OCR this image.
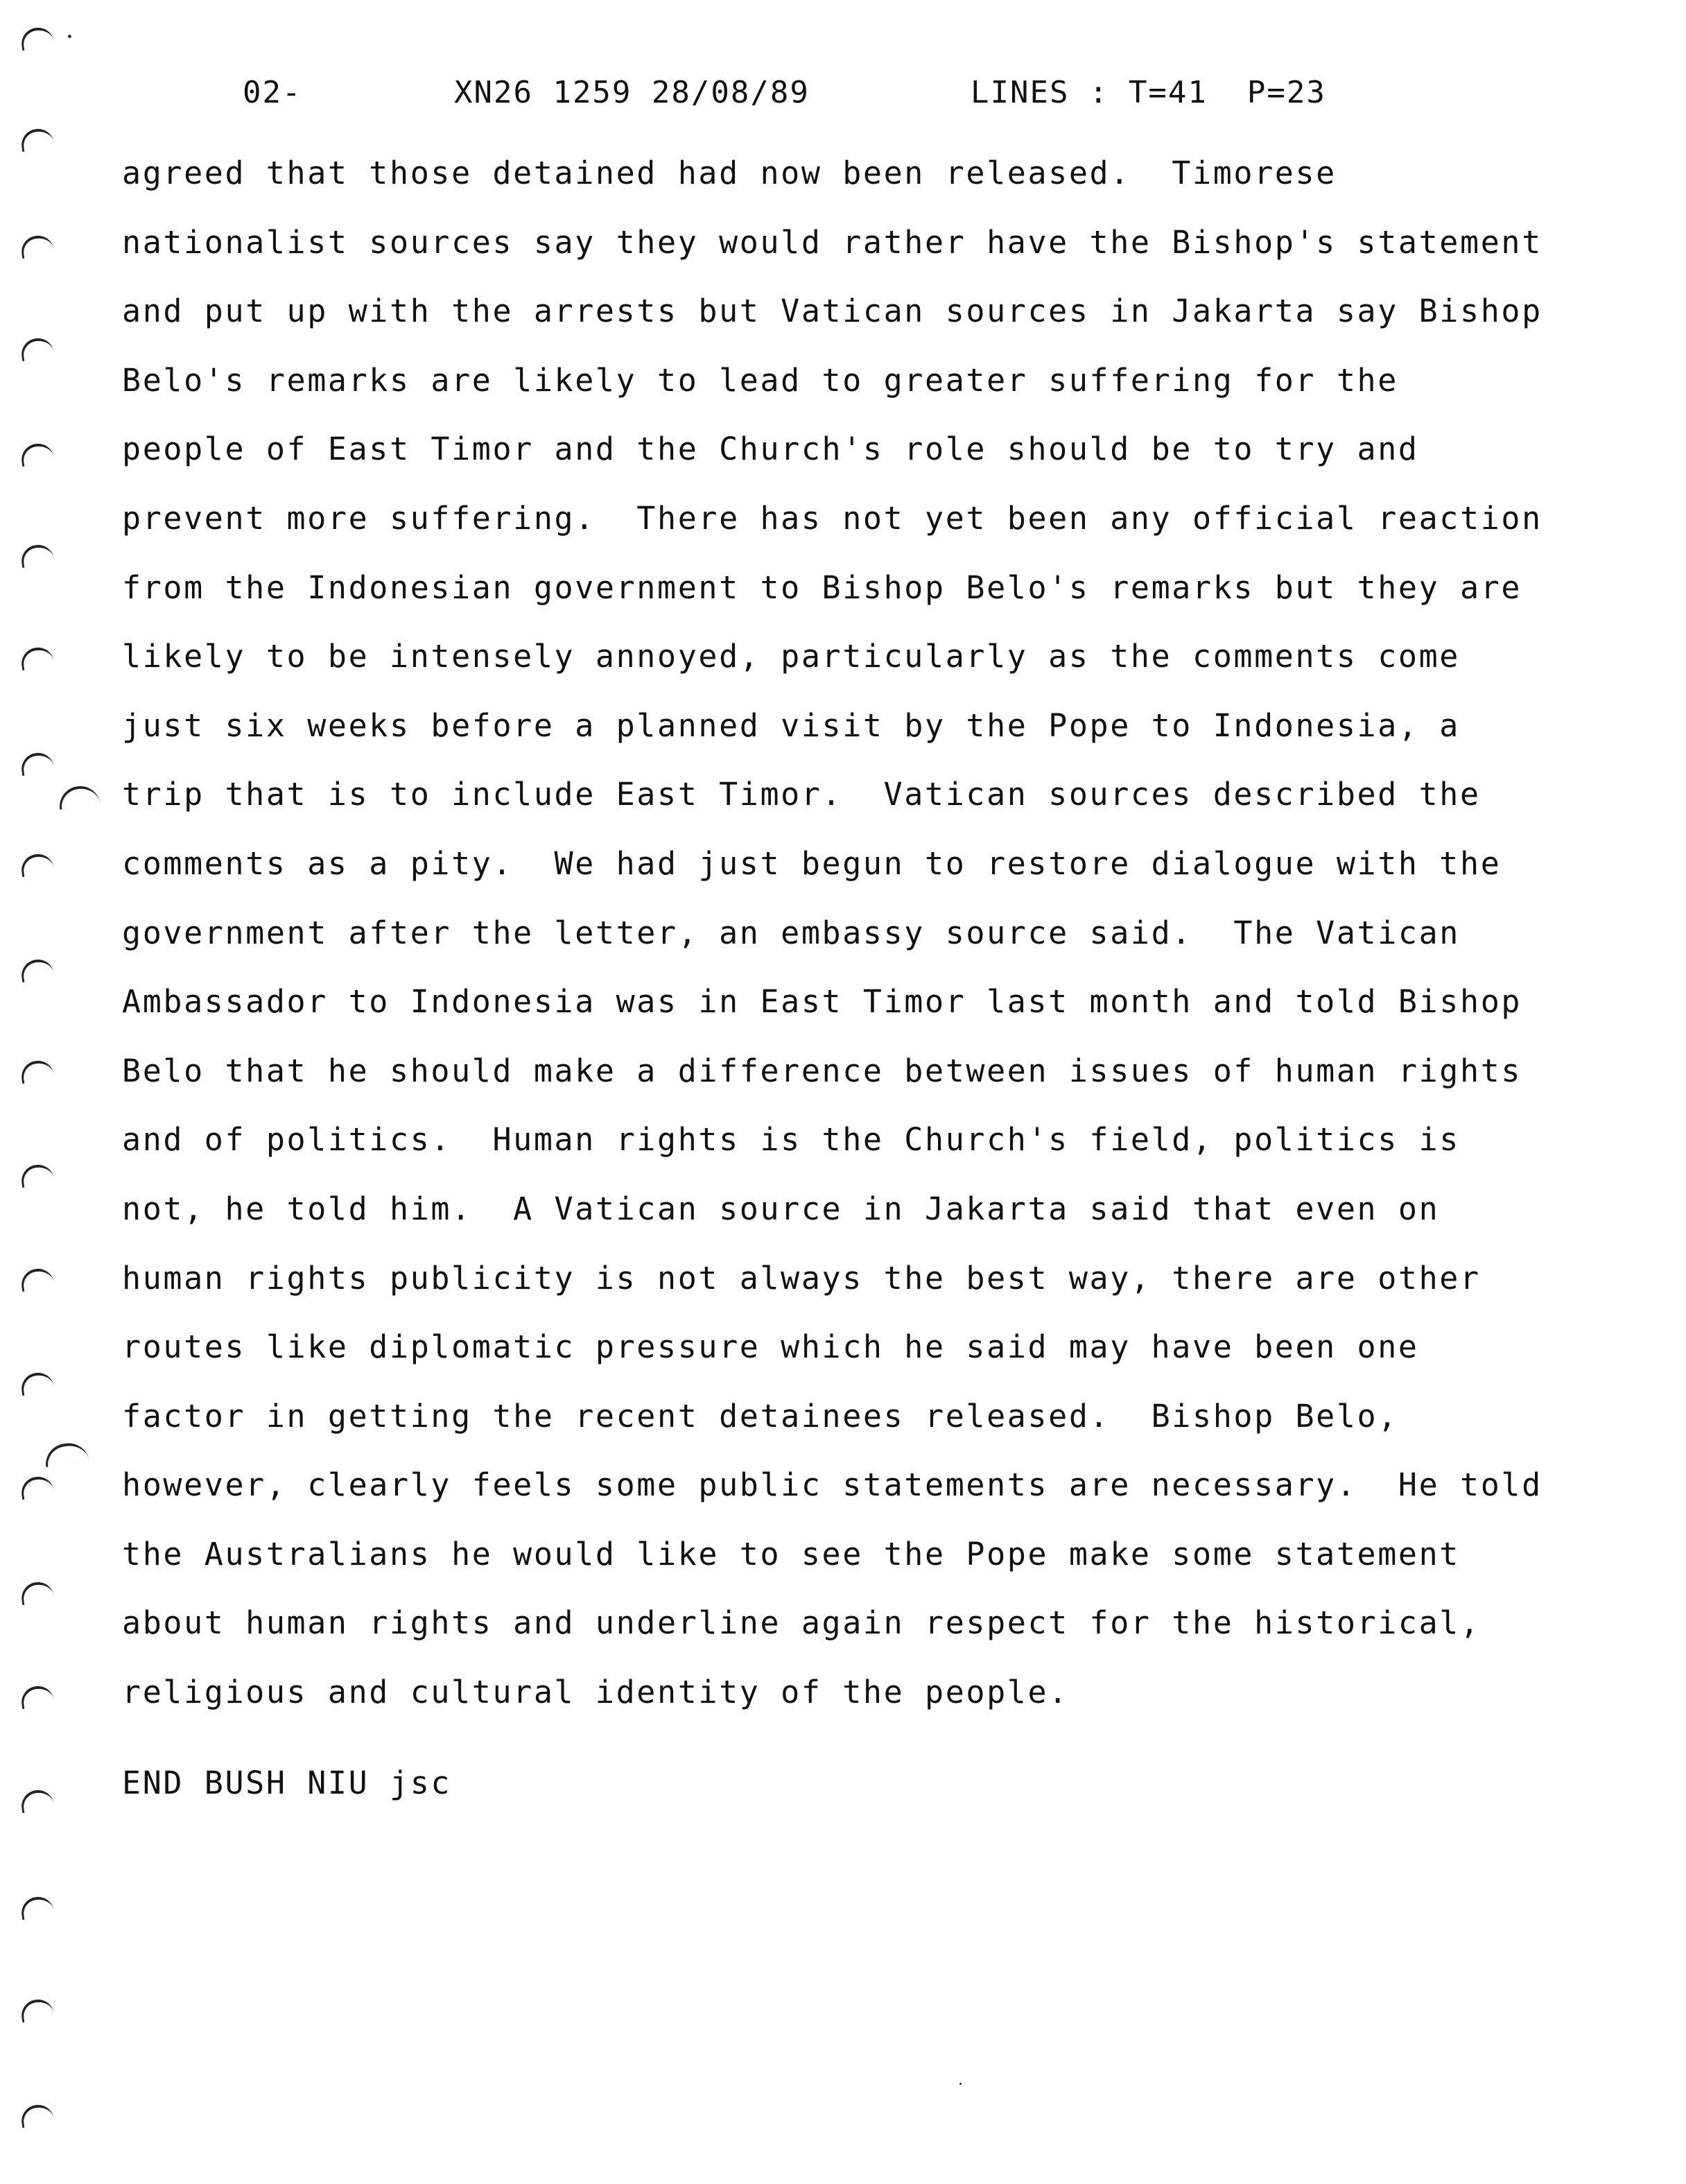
02-	XN26 1259 28/08/89	LINES : T=41  P=23
agreed that those detained had now been released.  Timorese
nationalist sources say they would rather have the Bishop's statement
and put up with the arrests but Vatican sources in Jakarta say Bishop
Belo's remarks are likely to lead to greater suffering for the
people of East Timor and the Church's role should be to try and
prevent more suffering.  There has not yet been any official reaction
from the Indonesian government to Bishop Belo's remarks but they are
likely to be intensely annoyed, particularly as the comments come
just six weeks before a planned visit by the Pope to Indonesia, a
trip that is to include East Timor.  Vatican sources described the
comments as a pity.  We had just begun to restore dialogue with the
government after the letter, an embassy source said.  The Vatican
Ambassador to Indonesia was in East Timor last month and told Bishop
Belo that he should make a difference between issues of human rights
and of politics.  Human rights is the Church's field, politics is
not, he told him.  A Vatican source in Jakarta said that even on
human rights publicity is not always the best way, there are other
routes like diplomatic pressure which he said may have been one
factor in getting the recent detainees released.  Bishop Belo,
however, clearly feels some public statements are necessary.  He told
the Australians he would like to see the Pope make some statement
about human rights and underline again respect for the historical,
religious and cultural identity of the people.
END BUSH NIU jsc
